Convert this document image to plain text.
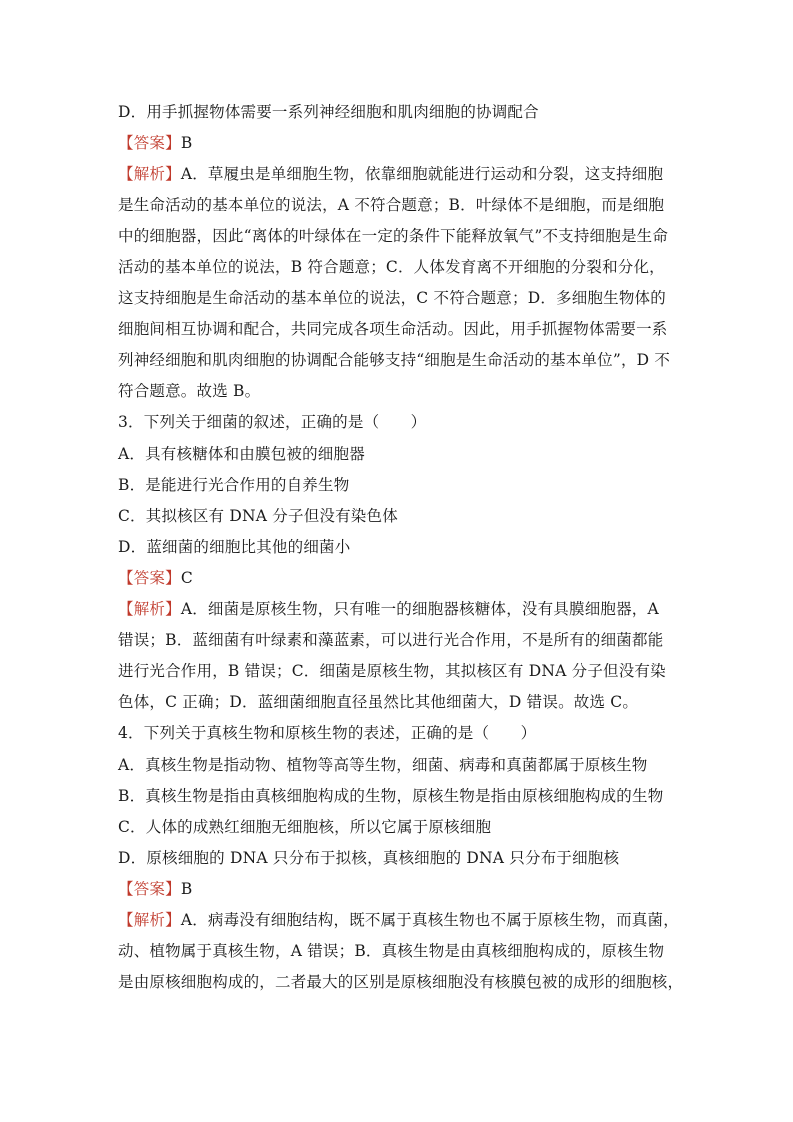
D．用手抓握物体需要一系列神经细胞和肌肉细胞的协调配合
【答案】B
【解析】A．草履虫是单细胞生物，依靠细胞就能进行运动和分裂，这支持细胞
是生命活动的基本单位的说法，A 不符合题意；B．叶绿体不是细胞，而是细胞
中的细胞器，因此“离体的叶绿体在一定的条件下能释放氧气”不支持细胞是生命
活动的基本单位的说法，B 符合题意；C．人体发育离不开细胞的分裂和分化，
这支持细胞是生命活动的基本单位的说法，C 不符合题意；D．多细胞生物体的
细胞间相互协调和配合，共同完成各项生命活动。因此，用手抓握物体需要一系
列神经细胞和肌肉细胞的协调配合能够支持“细胞是生命活动的基本单位”，D 不
符合题意。故选 B。
3．下列关于细菌的叙述，正确的是（　　）
A．具有核糖体和由膜包被的细胞器
B．是能进行光合作用的自养生物
C．其拟核区有 DNA 分子但没有染色体
D．蓝细菌的细胞比其他的细菌小
【答案】C
【解析】A．细菌是原核生物，只有唯一的细胞器核糖体，没有具膜细胞器，A
错误；B．蓝细菌有叶绿素和藻蓝素，可以进行光合作用，不是所有的细菌都能
进行光合作用，B 错误；C．细菌是原核生物，其拟核区有 DNA 分子但没有染
色体，C 正确；D．蓝细菌细胞直径虽然比其他细菌大，D 错误。故选 C。
4．下列关于真核生物和原核生物的表述，正确的是（　　）
A．真核生物是指动物、植物等高等生物，细菌、病毒和真菌都属于原核生物
B．真核生物是指由真核细胞构成的生物，原核生物是指由原核细胞构成的生物
C．人体的成熟红细胞无细胞核，所以它属于原核细胞
D．原核细胞的 DNA 只分布于拟核，真核细胞的 DNA 只分布于细胞核
【答案】B
【解析】A．病毒没有细胞结构，既不属于真核生物也不属于原核生物，而真菌，
动、植物属于真核生物，A 错误；B．真核生物是由真核细胞构成的，原核生物
是由原核细胞构成的，二者最大的区别是原核细胞没有核膜包被的成形的细胞核，
